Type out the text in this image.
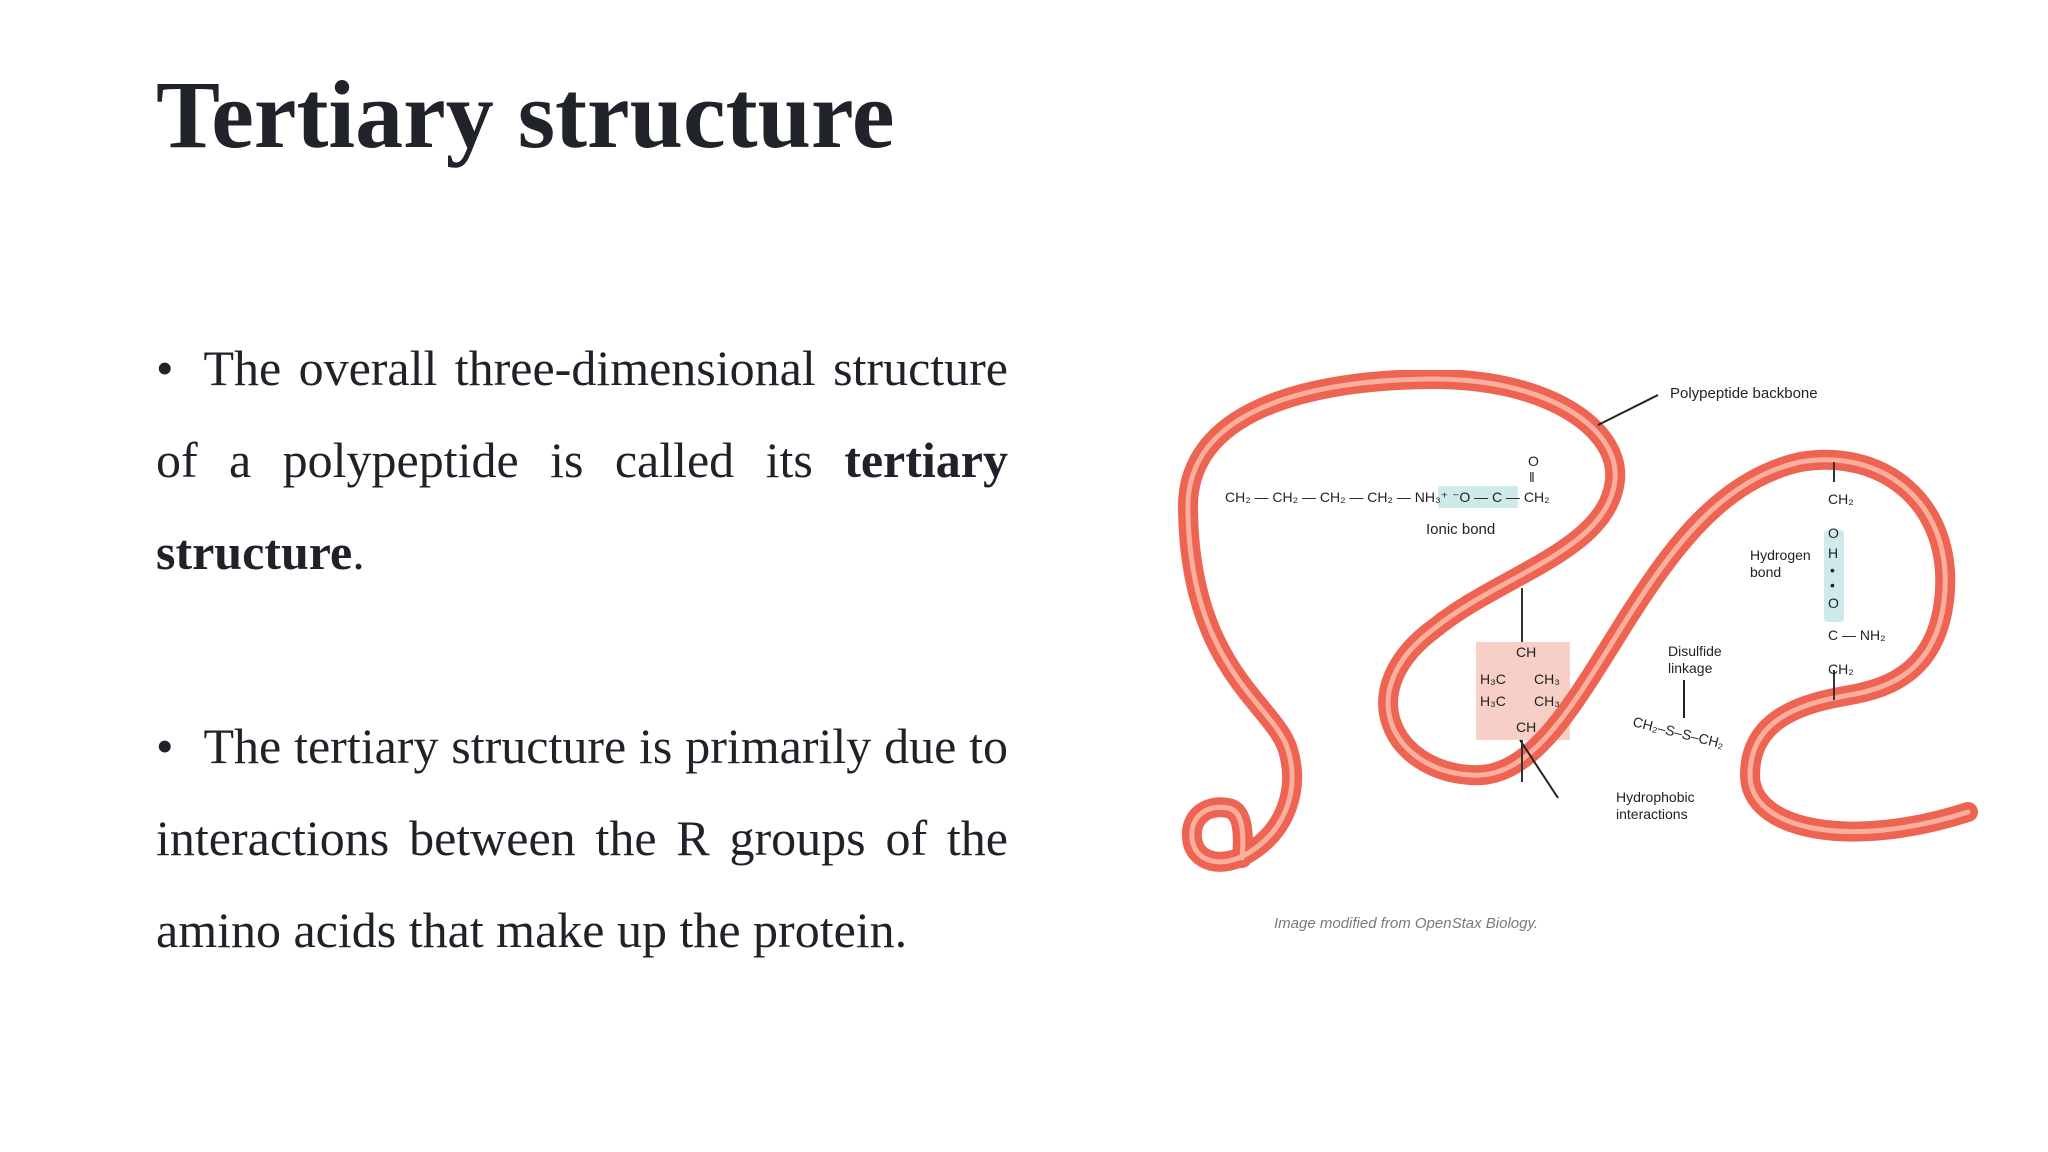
Tertiary structure

• The overall three-dimensional structure of a polypeptide is called its tertiary structure.

• The tertiary structure is primarily due to interactions between the R groups of the amino acids that make up the protein.

CH₂ — CH₂ — CH₂ — CH₂ — NH₃⁺ ⁻O — C — CH₂
O
‖
CH
H₃C CH₃
H₃C CH₃
CH	CH₂–S–S–CH₂
CH₂
O
H
•
•
O
C — NH₂
CH₂
Polypeptide backbone
Ionic bond
Hydrogen
bond
Disulfide
linkage
Hydrophobic
interactions
Image modified from OpenStax Biology.
